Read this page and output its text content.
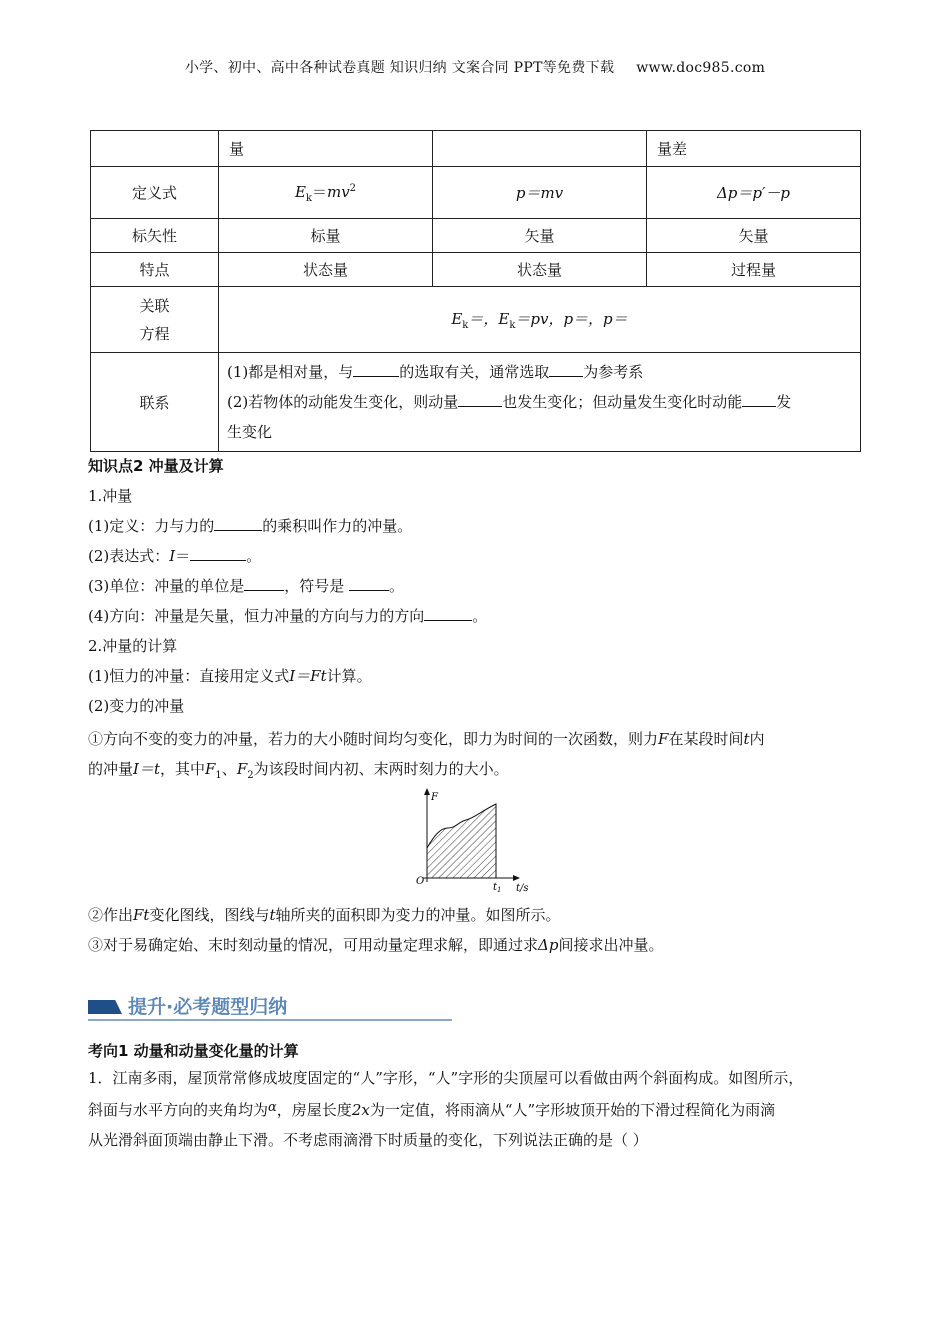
小学、初中、高中各种试卷真题 知识归纳 文案合同 PPT等免费下载 www.doc985.com
	量		量差
定义式	$E_k=mv^2$	p＝mv	Δp＝p′－p
标矢性	标量	矢量	矢量
特点	状态量	状态量	过程量
关联
方程	$E_k=$，$E_k=pv$，p＝，p＝		
联系	(1)都是相对量，与 的选取有关，通常选取 为参考系
(2)若物体的动能发生变化，则动量 也发生变化；但动量发生变化时动能 发
生变化		
知识点2 冲量及计算
1.冲量
(1)定义：力与力的	的乘积叫作力的冲量。
(2)表达式：I＝	。
(3)单位：冲量的单位是	，符号是	。
(4)方向：冲量是矢量，恒力冲量的方向与力的方向	。
2.冲量的计算
(1)恒力的冲量：直接用定义式I＝Ft计算。
(2)变力的冲量
①方向不变的变力的冲量，若力的大小随时间均匀变化，即力为时间的一次函数，则力F在某段时间t内
的冲量I＝t，其中$F_1$、$F_2$为该段时间内初、末两时刻力的大小。
F
O
$t_1$ t/s
②作出Ft变化图线，图线与t轴所夹的面积即为变力的冲量。如图所示。
③对于易确定始、末时刻动量的情况，可用动量定理求解，即通过求Δp间接求出冲量。
提升·必考题型归纳
考向1 动量和动量变化量的计算
1．江南多雨，屋顶常常修成坡度固定的“人”字形，“人”字形的尖顶屋可以看做由两个斜面构成。如图所示，
斜面与水平方向的夹角均为α，房屋长度2x为一定值，将雨滴从“人”字形坡顶开始的下滑过程简化为雨滴
从光滑斜面顶端由静止下滑。不考虑雨滴滑下时质量的变化，下列说法正确的是（ ）
